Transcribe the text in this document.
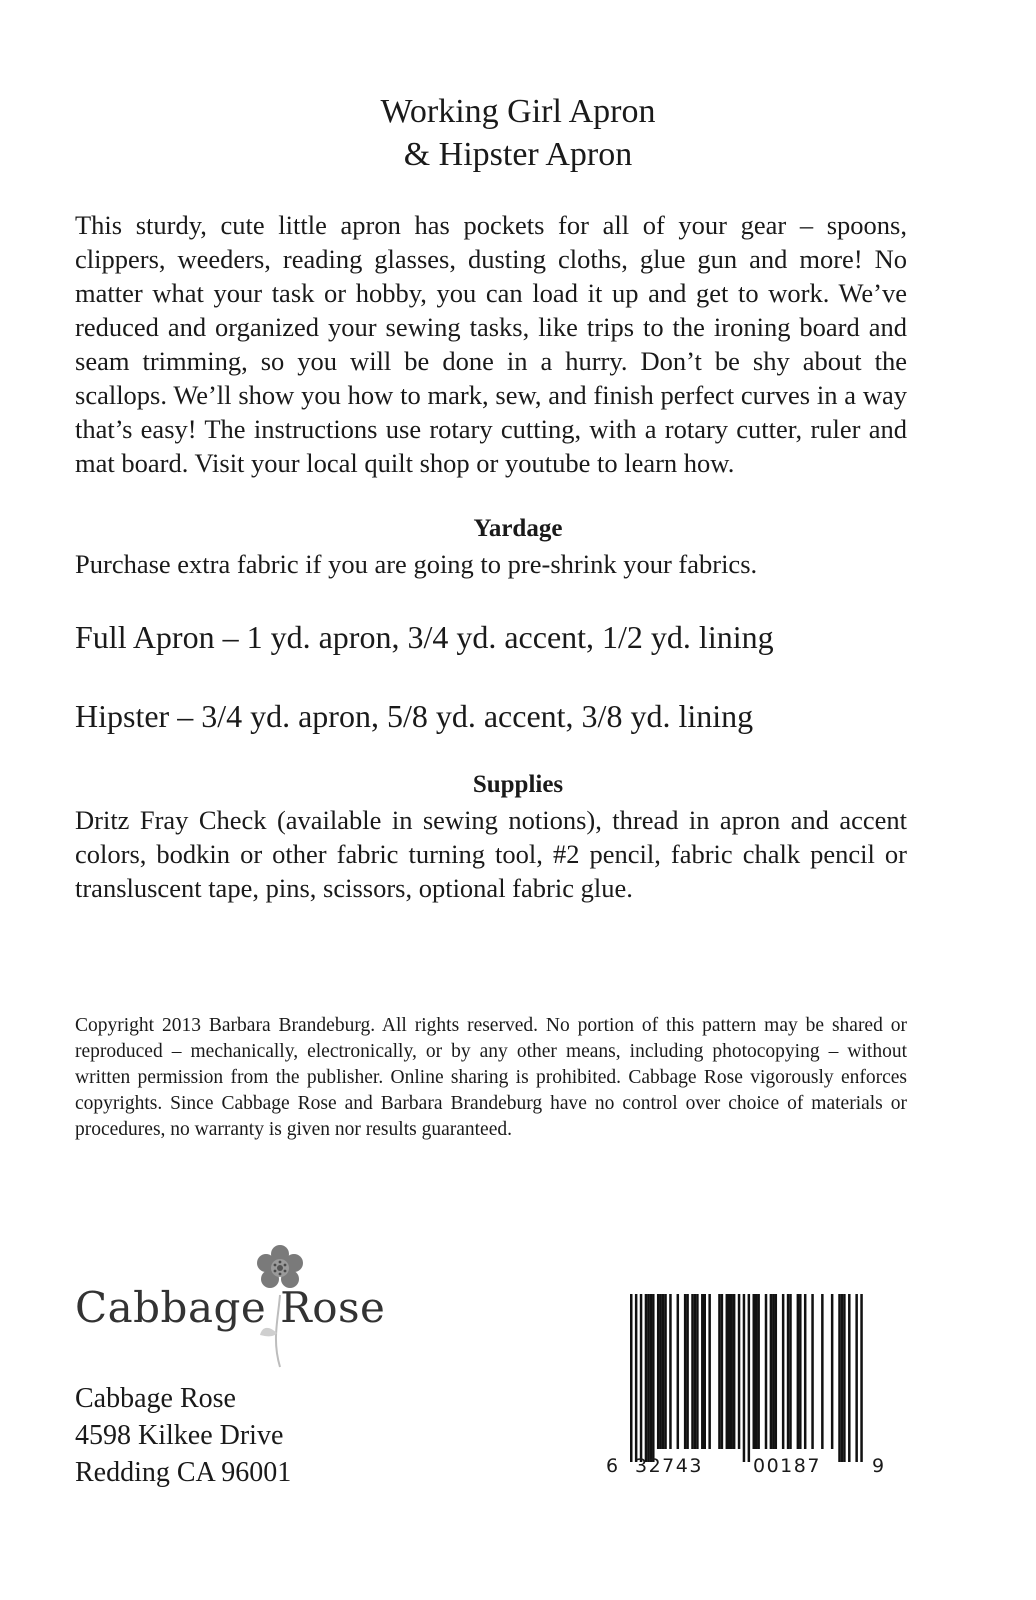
Working Girl Apron
& Hipster Apron
This sturdy, cute little apron has pockets for all of your gear – spoons, clippers, weeders, reading glasses, dusting cloths, glue gun and more! No matter what your task or hobby, you can load it up and get to work. We’ve reduced and organized your sewing tasks, like trips to the ironing board and seam trimming, so you will be done in a hurry. Don’t be shy about the scallops. We’ll show you how to mark, sew, and finish perfect curves in a way that’s easy! The instructions use rotary cutting, with a rotary cutter, ruler and mat board. Visit your local quilt shop or youtube to learn how.
Yardage
Purchase extra fabric if you are going to pre-shrink your fabrics.
Full Apron – 1 yd. apron, 3/4 yd. accent, 1/2 yd. lining
Hipster – 3/4 yd. apron, 5/8 yd. accent, 3/8 yd. lining
Supplies
Dritz Fray Check (available in sewing notions), thread in apron and accent colors, bodkin or other fabric turning tool, #2 pencil, fabric chalk pencil or transluscent tape, pins, scissors, optional fabric glue.
Copyright 2013 Barbara Brandeburg. All rights reserved. No portion of this pattern may be shared or reproduced – mechanically, electronically, or by any other means, including photocopying – without written permission from the publisher. Online sharing is prohibited. Cabbage Rose vigorously enforces copyrights. Since Cabbage Rose and Barbara Brandeburg have no control over choice of materials or procedures, no warranty is given nor results guaranteed.
Cabbage Rose
Cabbage Rose
4598 Kilkee Drive
Redding CA 96001	6 32743	00187	9
